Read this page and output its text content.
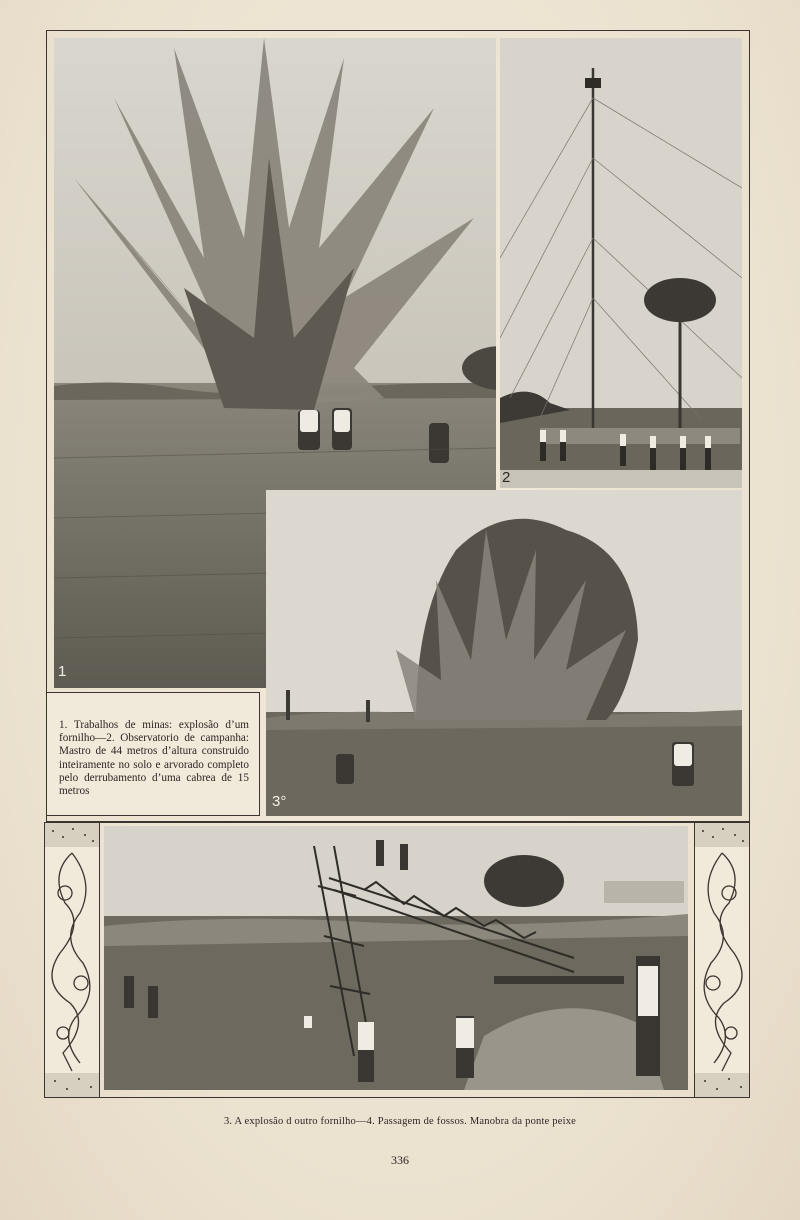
1
2
3°

1. Trabalhos de minas: explosão d’um fornilho—2. Observatorio de campanha: Mastro de 44 metros d’altura construido inteiramente no solo e arvorado completo pelo derrubamento d’uma cabrea de 15 metros

3. A explosão d outro fornilho—4. Passagem de fossos. Manobra da ponte peixe
336
